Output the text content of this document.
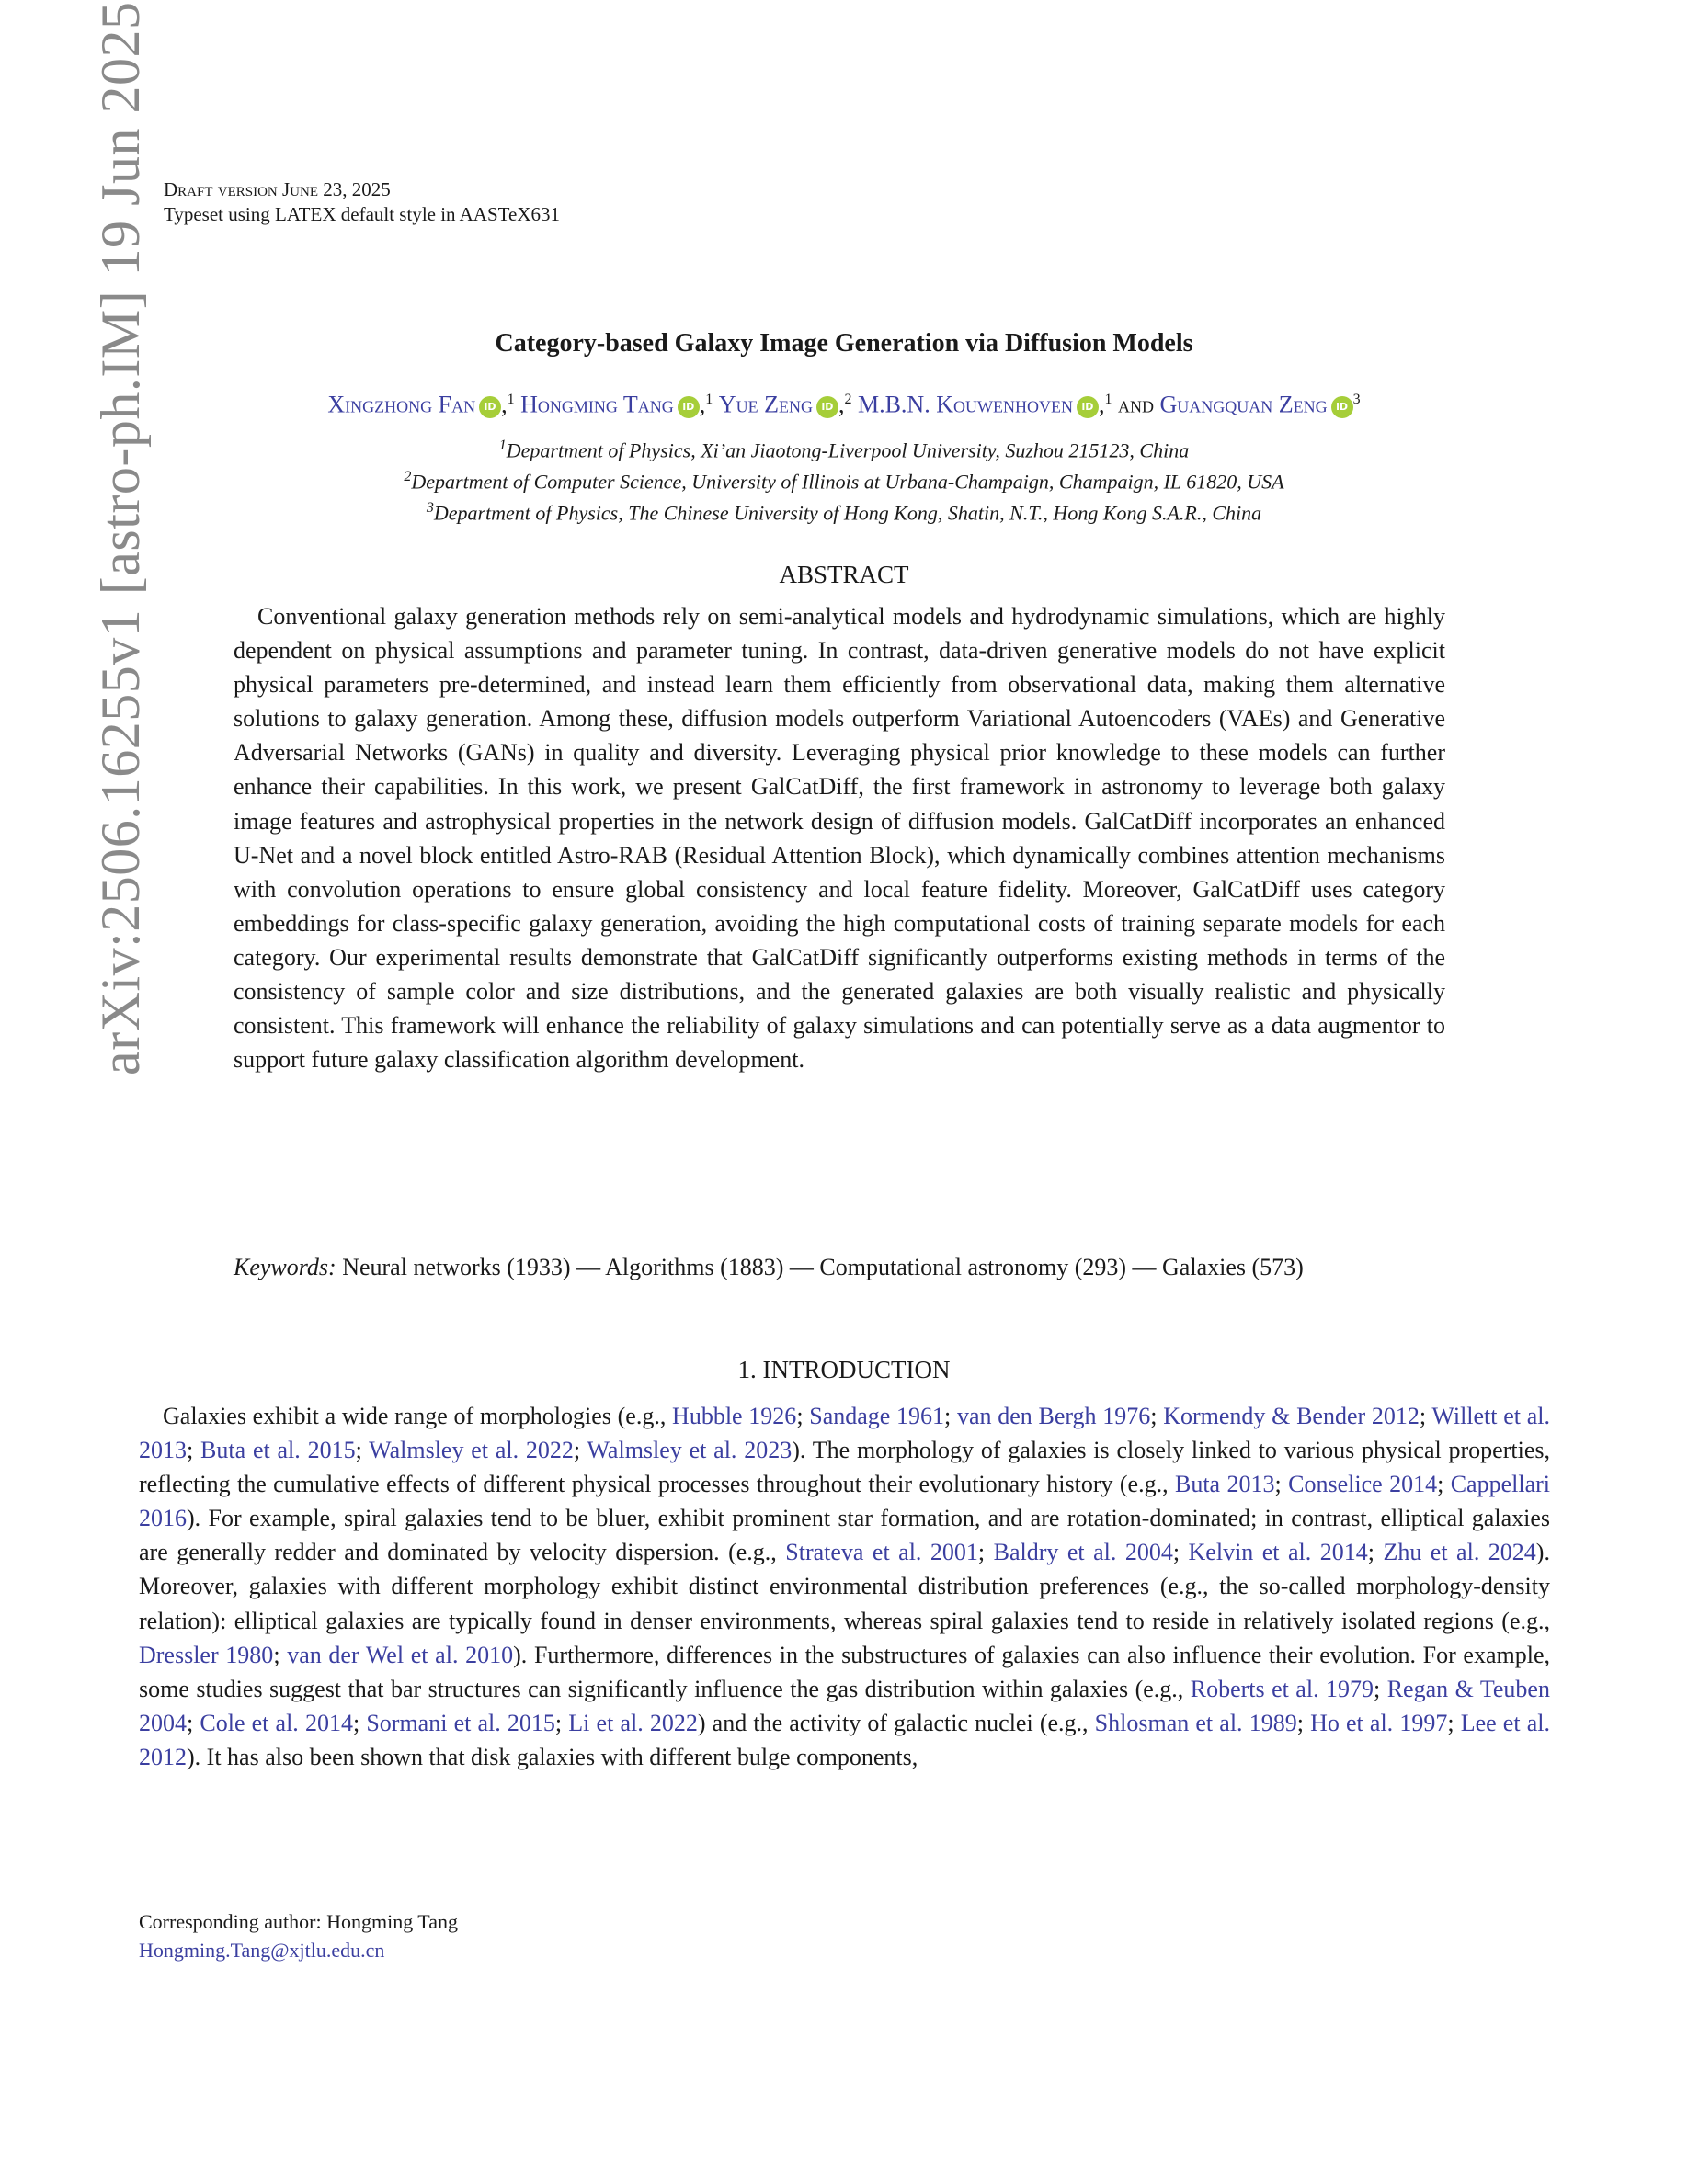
arXiv:2506.16255v1 [astro-ph.IM] 19 Jun 2025 Draft version June 23, 2025
Typeset using LATEX default style in AASTeX631
Category-based Galaxy Image Generation via Diffusion Models
Xingzhong Fan iD ,$^1$ Hongming Tang iD ,$^1$ Yue Zeng iD ,$^2$ M.B.N. Kouwenhoven iD ,$^1$ and Guangquan Zeng iD $^3$
$^1$Department of Physics, Xi’an Jiaotong-Liverpool University, Suzhou 215123, China
$^2$Department of Computer Science, University of Illinois at Urbana-Champaign, Champaign, IL 61820, USA
$^3$Department of Physics, The Chinese University of Hong Kong, Shatin, N.T., Hong Kong S.A.R., China
ABSTRACT
Conventional galaxy generation methods rely on semi-analytical models and hydrodynamic simulations, which are highly dependent on physical assumptions and parameter tuning. In contrast, data-driven generative models do not have explicit physical parameters pre-determined, and instead learn them efficiently from observational data, making them alternative solutions to galaxy generation. Among these, diffusion models outperform Variational Autoencoders (VAEs) and Generative Adversarial Networks (GANs) in quality and diversity. Leveraging physical prior knowledge to these models can further enhance their capabilities. In this work, we present GalCatDiff, the first framework in astronomy to leverage both galaxy image features and astrophysical properties in the network design of diffusion models. GalCatDiff incorporates an enhanced U-Net and a novel block entitled Astro-RAB (Residual Attention Block), which dynamically combines attention mechanisms with convolution operations to ensure global consistency and local feature fidelity. Moreover, GalCatDiff uses category embeddings for class-specific galaxy generation, avoiding the high computational costs of training separate models for each category. Our experimental results demonstrate that GalCatDiff significantly outperforms existing methods in terms of the consistency of sample color and size distributions, and the generated galaxies are both visually realistic and physically consistent. This framework will enhance the reliability of galaxy simulations and can potentially serve as a data augmentor to support future galaxy classification algorithm development.
Keywords: Neural networks (1933) — Algorithms (1883) — Computational astronomy (293) — Galaxies (573)
1. INTRODUCTION
Galaxies exhibit a wide range of morphologies (e.g., Hubble 1926; Sandage 1961; van den Bergh 1976; Kormendy & Bender 2012; Willett et al. 2013; Buta et al. 2015; Walmsley et al. 2022; Walmsley et al. 2023). The morphology of galaxies is closely linked to various physical properties, reflecting the cumulative effects of different physical processes throughout their evolutionary history (e.g., Buta 2013; Conselice 2014; Cappellari 2016). For example, spiral galaxies tend to be bluer, exhibit prominent star formation, and are rotation-dominated; in contrast, elliptical galaxies are generally redder and dominated by velocity dispersion. (e.g., Strateva et al. 2001; Baldry et al. 2004; Kelvin et al. 2014; Zhu et al. 2024). Moreover, galaxies with different morphology exhibit distinct environmental distribution preferences (e.g., the so-called morphology-density relation): elliptical galaxies are typically found in denser environments, whereas spiral galaxies tend to reside in relatively isolated regions (e.g., Dressler 1980; van der Wel et al. 2010). Furthermore, differences in the substructures of galaxies can also influence their evolution. For example, some studies suggest that bar structures can significantly influence the gas distribution within galaxies (e.g., Roberts et al. 1979; Regan & Teuben 2004; Cole et al. 2014; Sormani et al. 2015; Li et al. 2022) and the activity of galactic nuclei (e.g., Shlosman et al. 1989; Ho et al. 1997; Lee et al. 2012). It has also been shown that disk galaxies with different bulge components,
Corresponding author: Hongming Tang
Hongming.Tang@xjtlu.edu.cn
